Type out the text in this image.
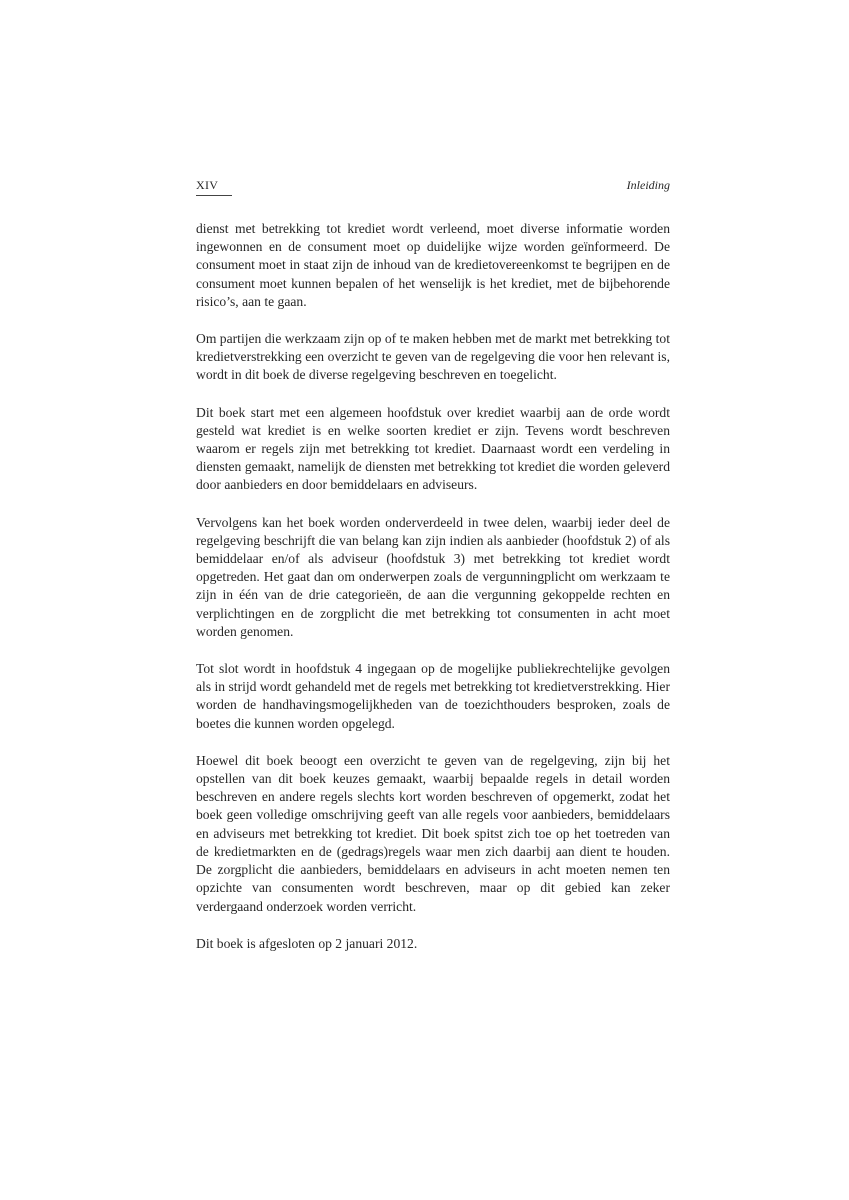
XIV	Inleiding

dienst met betrekking tot krediet wordt verleend, moet diverse informatie worden ingewonnen en de consument moet op duidelijke wijze worden geïnformeerd. De consument moet in staat zijn de inhoud van de kredietovereenkomst te begrijpen en de consument moet kunnen bepalen of het wenselijk is het krediet, met de bijbehorende risico’s, aan te gaan.

Om partijen die werkzaam zijn op of te maken hebben met de markt met betrekking tot kredietverstrekking een overzicht te geven van de regelgeving die voor hen relevant is, wordt in dit boek de diverse regelgeving beschreven en toegelicht.

Dit boek start met een algemeen hoofdstuk over krediet waarbij aan de orde wordt gesteld wat krediet is en welke soorten krediet er zijn. Tevens wordt beschreven waarom er regels zijn met betrekking tot krediet. Daarnaast wordt een verdeling in diensten gemaakt, namelijk de diensten met betrekking tot krediet die worden geleverd door aanbieders en door bemiddelaars en adviseurs.

Vervolgens kan het boek worden onderverdeeld in twee delen, waarbij ieder deel de regelgeving beschrijft die van belang kan zijn indien als aanbieder (hoofdstuk 2) of als bemiddelaar en/of als adviseur (hoofdstuk 3) met betrekking tot krediet wordt opgetreden. Het gaat dan om onderwerpen zoals de vergunningplicht om werkzaam te zijn in één van de drie categorieën, de aan die vergunning gekoppelde rechten en verplichtingen en de zorgplicht die met betrekking tot consumenten in acht moet worden genomen.

Tot slot wordt in hoofdstuk 4 ingegaan op de mogelijke publiekrechtelijke gevolgen als in strijd wordt gehandeld met de regels met betrekking tot kredietverstrekking. Hier worden de handhavingsmogelijkheden van de toezichthouders besproken, zoals de boetes die kunnen worden opgelegd.

Hoewel dit boek beoogt een overzicht te geven van de regelgeving, zijn bij het opstellen van dit boek keuzes gemaakt, waarbij bepaalde regels in detail worden beschreven en andere regels slechts kort worden beschreven of opgemerkt, zodat het boek geen volledige omschrijving geeft van alle regels voor aanbieders, bemiddelaars en adviseurs met betrekking tot krediet. Dit boek spitst zich toe op het toetreden van de kredietmarkten en de (gedrags)regels waar men zich daarbij aan dient te houden. De zorgplicht die aanbieders, bemiddelaars en adviseurs in acht moeten nemen ten opzichte van consumenten wordt beschreven, maar op dit gebied kan zeker verdergaand onderzoek worden verricht.

Dit boek is afgesloten op 2 januari 2012.
